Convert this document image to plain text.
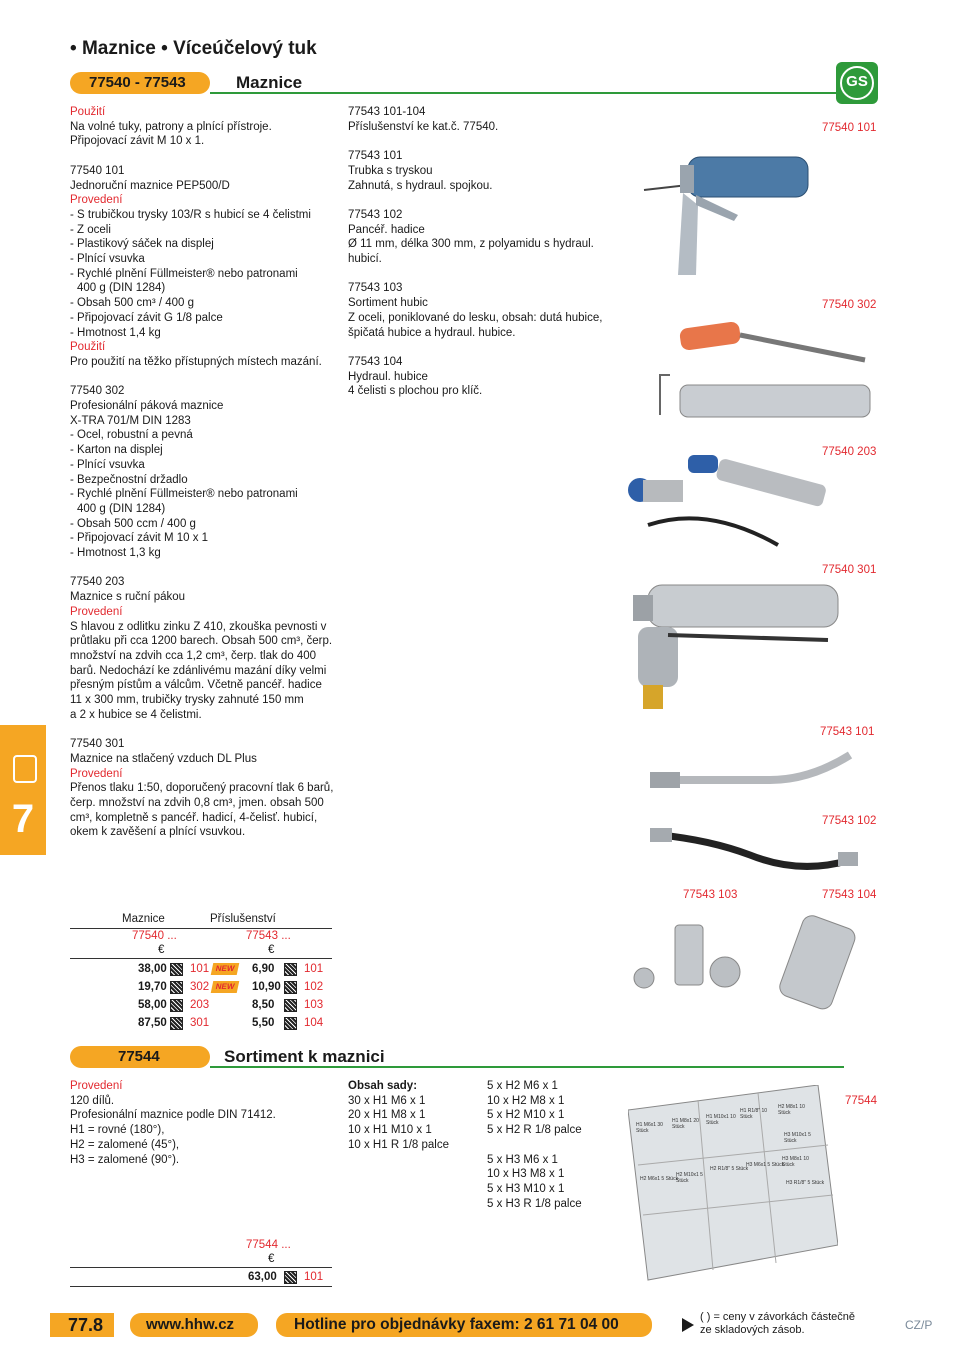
• Maznice • Víceúčelový tuk
77540 - 77543	Maznice	GS

Použití

Na volné tuky, patrony a plnící přístroje.

Připojovací závit M 10 x 1.

77540 101

Jednoruční maznice PEP500/D

Provedení

- S trubičkou trysky 103/R s hubicí se 4 čelistmi

- Z oceli

- Plastikový sáček na displej

- Plnící vsuvka

- Rychlé plnění Füllmeister® nebo patronami

400 g (DIN 1284)

- Obsah 500 cm³ / 400 g

- Připojovací závit G 1/8 palce

- Hmotnost 1,4 kg

Použití

Pro použití na těžko přístupných místech mazání.

77540 302

Profesionální páková maznice

X-TRA 701/M DIN 1283

- Ocel, robustní a pevná

- Karton na displej

- Plnící vsuvka

- Bezpečnostní držadlo

- Rychlé plnění Füllmeister® nebo patronami

400 g (DIN 1284)

- Obsah 500 ccm / 400 g

- Připojovací závit M 10 x 1

- Hmotnost 1,3 kg

77540 203

Maznice s ruční pákou

Provedení

S hlavou z odlitku zinku Z 410, zkouška pevnosti v

průtlaku při cca 1200 barech. Obsah 500 cm³, čerp.

množství na zdvih cca 1,2 cm³, čerp. tlak do 400

barů. Nedochází ke zdánlivému mazání díky velmi

přesným pístům a válcům. Včetně pancéř. hadice

11 x 300 mm, trubičky trysky zahnuté 150 mm

a 2 x hubice se 4 čelistmi.

77540 301

Maznice na stlačený vzduch DL Plus

Provedení

Přenos tlaku 1:50, doporučený pracovní tlak 6 barů,

čerp. množství na zdvih 0,8 cm³, jmen. obsah 500

cm³, kompletně s pancéř. hadicí, 4-čelisť. hubicí,

okem k zavěšení a plnící vsuvkou.

77543 101-104

Příslušenství ke kat.č. 77540.

77543 101

Trubka s tryskou

Zahnutá, s hydraul. spojkou.

77543 102

Pancéř. hadice

Ø 11 mm, délka 300 mm, z polyamidu s hydraul.

hubicí.

77543 103

Sortiment hubic

Z oceli, poniklované do lesku, obsah: dutá hubice,

špičatá hubice a hydraul. hubice.

77543 104

Hydraul. hubice

4 čelisti s plochou pro klíč.

77540 101
77540 302
77540 203
77540 301
77543 101
77543 102
77543 103	77543 104
77544
7
Maznice	Příslušenství
77540 ...	77543 ...
€	€
38,00 101 NEW	6,90	101
19,70 302 NEW	10,90 102
58,00 203	8,50	103
87,50 301	5,50	104
77544	Sortiment k maznici

Provedení

120 dílů.

Profesionální maznice podle DIN 71412.

H1 = rovné (180°),

H2 = zalomené (45°),

H3 = zalomené (90°).

Obsah sady:

30 x H1 M6 x 1

20 x H1 M8 x 1

10 x H1 M10 x 1

10 x H1 R 1/8 palce

5 x H2 M6 x 1

10 x H2 M8 x 1

5 x H2 M10 x 1

5 x H2 R 1/8 palce

5 x H3 M6 x 1

10 x H3 M8 x 1

5 x H3 M10 x 1

5 x H3 R 1/8 palce

H1 M6x1 30 Stück
H1 M8x1 20 Stück
H1 M10x1 10 Stück
H1 R1/8" 10 Stück
H2 M8x1 10 Stück
H2 M6x1 5 Stück
H2 M10x1 5 Stück
H2 R1/8" 5 Stück
H3 M6x1 5 Stück
H3 M8x1 10 Stück
H3 M10x1 5 Stück
H3 R1/8" 5 Stück
77544 ...
€
63,00 101
77.8	www.hhw.cz	Hotline pro objednávky faxem: 2 61 71 04 00	( ) = ceny v závorkách částečně
ze skladových zásob.	CZ/P
